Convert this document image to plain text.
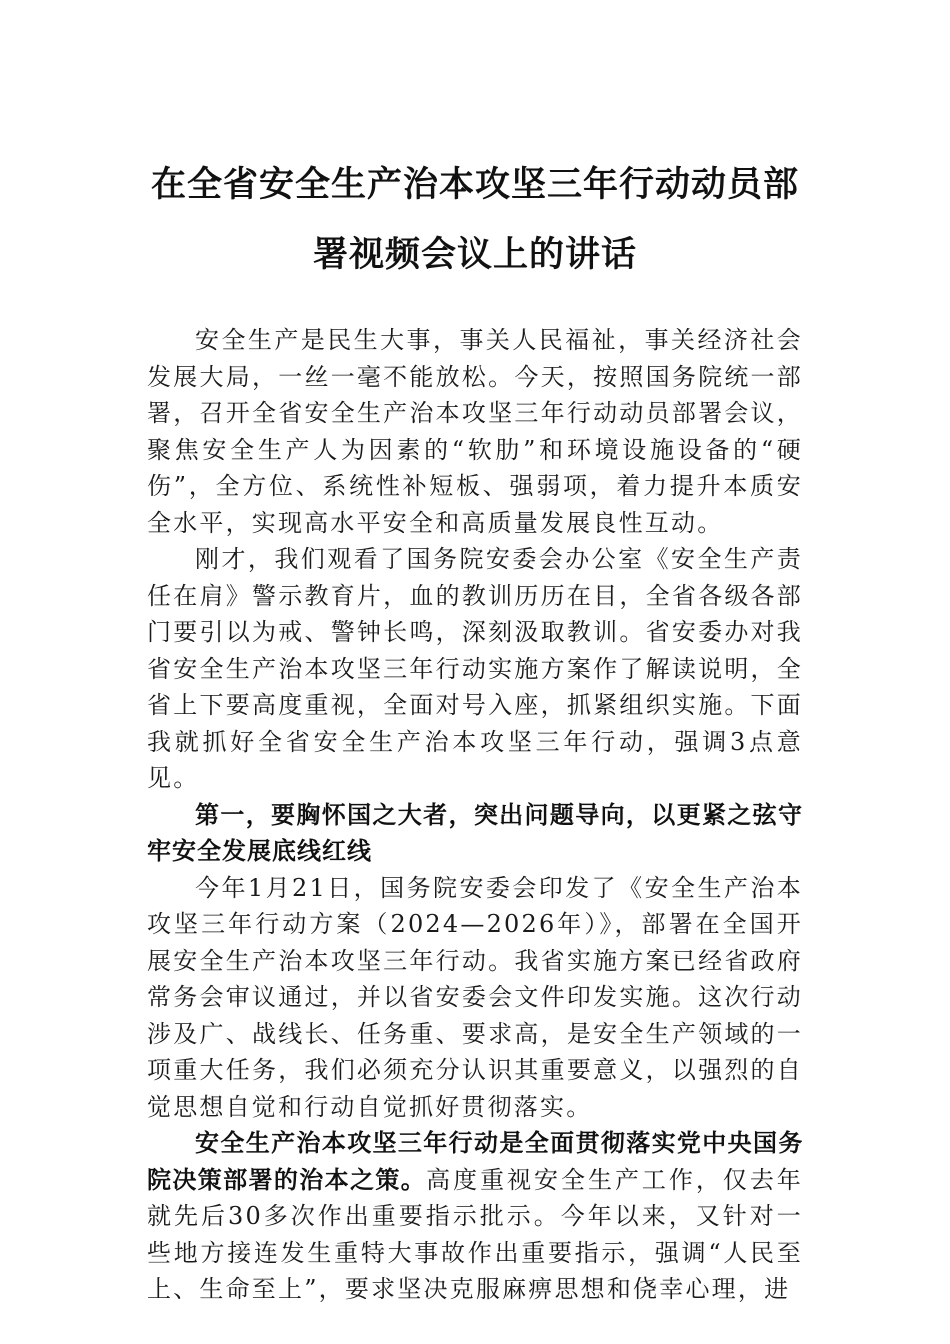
在全省安全生产治本攻坚三年行动动员部
署视频会议上的讲话

安全生产是民生大事，事关人民福祉，事关经济社会发展大局，一丝一毫不能放松。今天，按照国务院统一部署，召开全省安全生产治本攻坚三年行动动员部署会议，聚焦安全生产人为因素的“软肋”和环境设施设备的“硬伤”，全方位、系统性补短板、强弱项，着力提升本质安全水平，实现高水平安全和高质量发展良性互动。

刚才，我们观看了国务院安委会办公室《安全生产责任在肩》警示教育片，血的教训历历在目，全省各级各部门要引以为戒、警钟长鸣，深刻汲取教训。省安委办对我省安全生产治本攻坚三年行动实施方案作了解读说明，全省上下要高度重视，全面对号入座，抓紧组织实施。下面我就抓好全省安全生产治本攻坚三年行动，强调3点意见。

第一，要胸怀国之大者，突出问题导向，以更紧之弦守牢安全发展底线红线

今年1月21日，国务院安委会印发了《安全生产治本攻坚三年行动方案（2024—2026年）》，部署在全国开展安全生产治本攻坚三年行动。我省实施方案已经省政府常务会审议通过，并以省安委会文件印发实施。这次行动涉及广、战线长、任务重、要求高，是安全生产领域的一项重大任务，我们必须充分认识其重要意义，以强烈的自觉思想自觉和行动自觉抓好贯彻落实。

安全生产治本攻坚三年行动是全面贯彻落实党中央国务院决策部署的治本之策。高度重视安全生产工作，仅去年就先后30多次作出重要指示批示。今年以来，又针对一些地方接连发生重特大事故作出重要指示，强调“人民至上、生命至上”，要求坚决克服麻痹思想和侥幸心理，进
